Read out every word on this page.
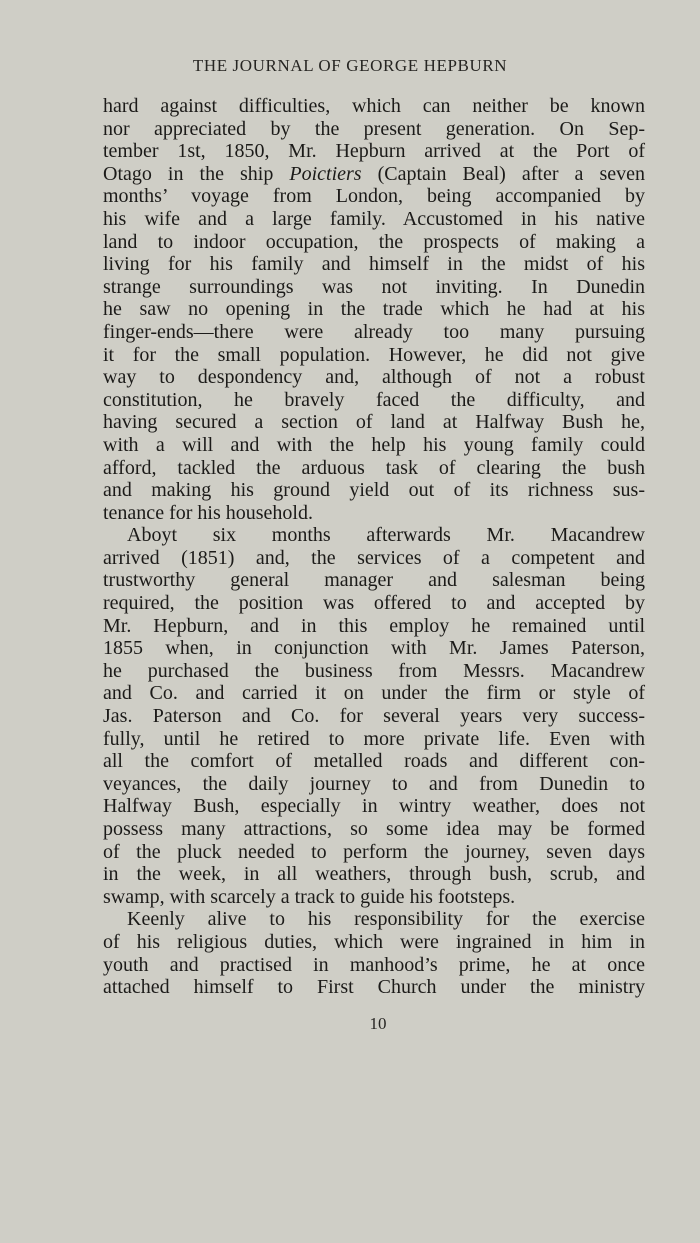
THE JOURNAL OF GEORGE HEPBURN

hard against difficulties, which can neither be known
nor appreciated by the present generation. On Sep-
tember 1st, 1850, Mr. Hepburn arrived at the Port of
Otago in the ship Poictiers (Captain Beal) after a seven
months’ voyage from London, being accompanied by
his wife and a large family. Accustomed in his native
land to indoor occupation, the prospects of making a
living for his family and himself in the midst of his
strange surroundings was not inviting. In Dunedin
he saw no opening in the trade which he had at his
finger-ends—there were already too many pursuing
it for the small population. However, he did not give
way to despondency and, although of not a robust
constitution, he bravely faced the difficulty, and
having secured a section of land at Halfway Bush he,
with a will and with the help his young family could
afford, tackled the arduous task of clearing the bush
and making his ground yield out of its richness sus-
tenance for his household.

Aboyt six months afterwards Mr. Macandrew
arrived (1851) and, the services of a competent and
trustworthy general manager and salesman being
required, the position was offered to and accepted by
Mr. Hepburn, and in this employ he remained until
1855 when, in conjunction with Mr. James Paterson,
he purchased the business from Messrs. Macandrew
and Co. and carried it on under the firm or style of
Jas. Paterson and Co. for several years very success-
fully, until he retired to more private life. Even with
all the comfort of metalled roads and different con-
veyances, the daily journey to and from Dunedin to
Halfway Bush, especially in wintry weather, does not
possess many attractions, so some idea may be formed
of the pluck needed to perform the journey, seven days
in the week, in all weathers, through bush, scrub, and
swamp, with scarcely a track to guide his footsteps.

Keenly alive to his responsibility for the exercise
of his religious duties, which were ingrained in him in
youth and practised in manhood’s prime, he at once
attached himself to First Church under the ministry

10
